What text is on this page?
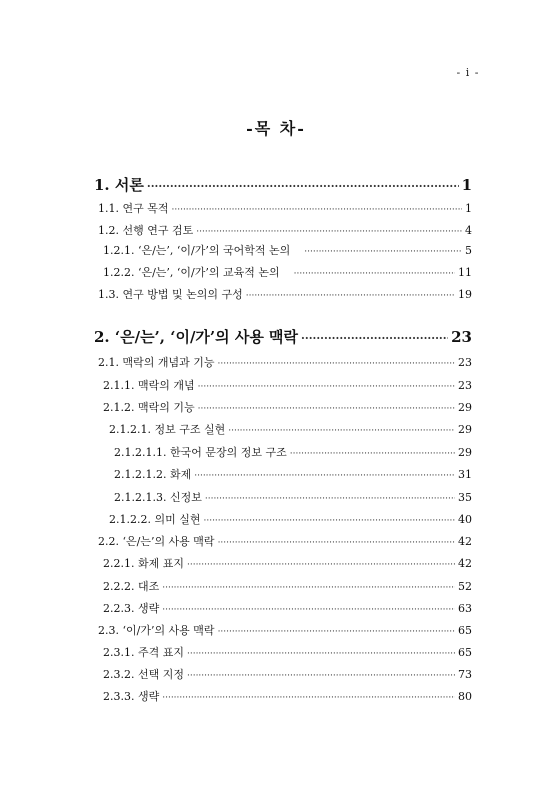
- i -
-목 차-
1. 서론 ·····	1
1.1. 연구 목적 ·····	1
1.2. 선행 연구 검토 ·····	4
1.2.1. ‘은/는’, ‘이/가’의 국어학적 논의 ·····	5
1.2.2. ‘은/는’, ‘이/가’의 교육적 논의 ·····	11
1.3. 연구 방법 및 논의의 구성 ·····	19
2. ‘은/는’, ‘이/가’의 사용 맥락 ·····	23
2.1. 맥락의 개념과 기능 ·····	23
2.1.1. 맥락의 개념 ·····	23
2.1.2. 맥락의 기능 ·····	29
2.1.2.1. 정보 구조 실현 ·····	29
2.1.2.1.1. 한국어 문장의 정보 구조 ·····	29
2.1.2.1.2. 화제 ·····	31
2.1.2.1.3. 신정보 ·····	35
2.1.2.2. 의미 실현 ·····	40
2.2. ‘은/는’의 사용 맥락 ·····	42
2.2.1. 화제 표지 ·····	42
2.2.2. 대조 ·····	52
2.2.3. 생략 ·····	63
2.3. ‘이/가’의 사용 맥락 ·····	65
2.3.1. 주격 표지 ·····	65
2.3.2. 선택 지정 ·····	73
2.3.3. 생략 ·····	80
